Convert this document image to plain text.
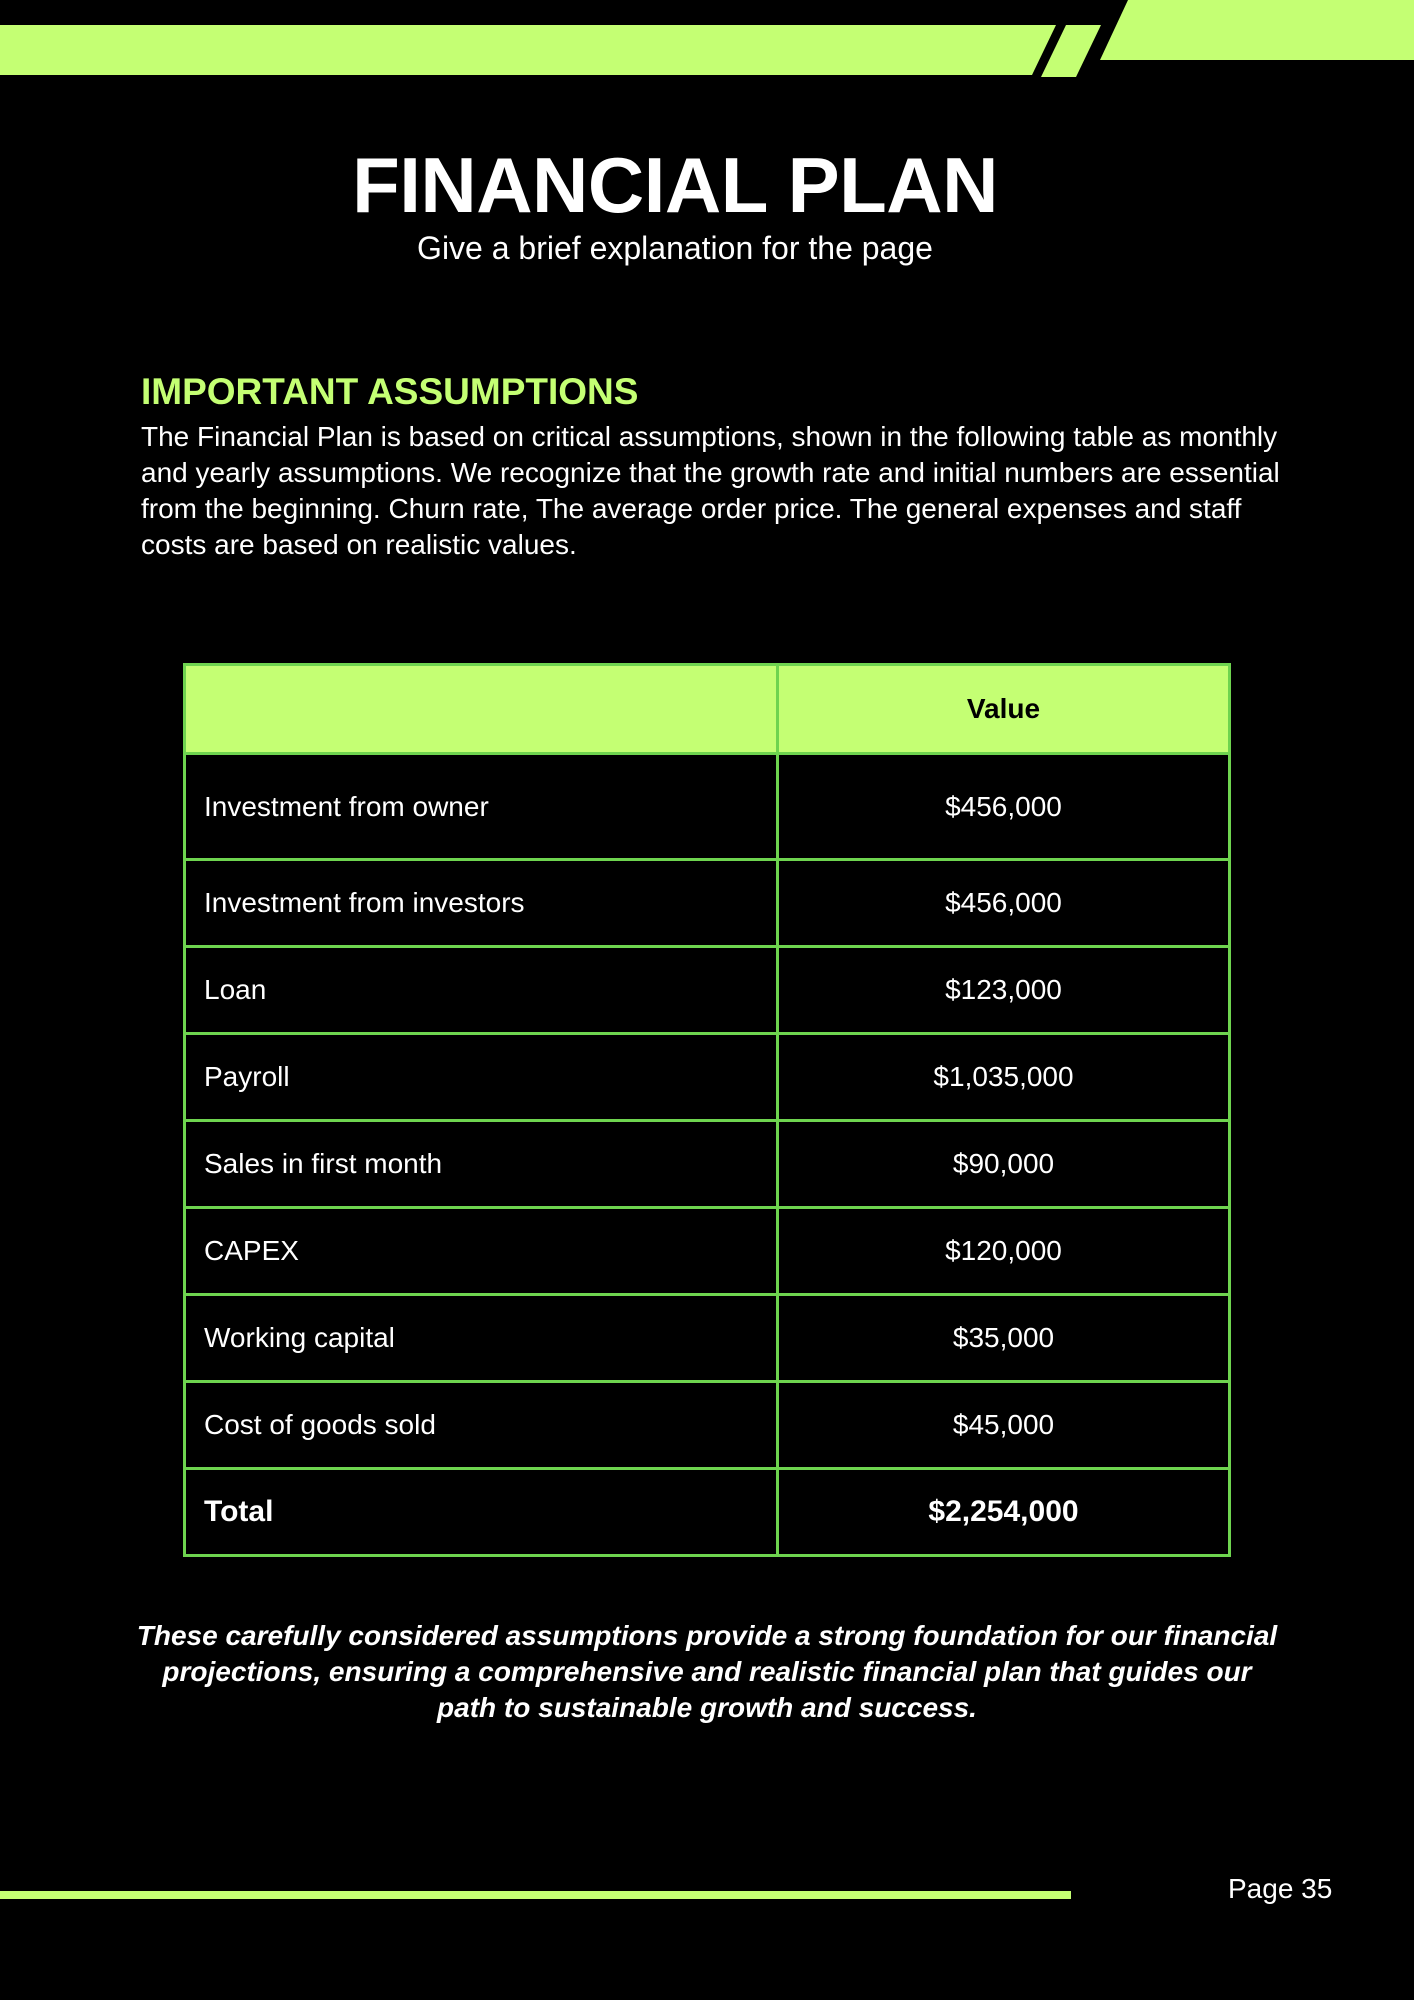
FINANCIAL PLAN
Give a brief explanation for the page
IMPORTANT ASSUMPTIONS

The Financial Plan is based on critical assumptions, shown in the following table as monthly and yearly assumptions. We recognize that the growth rate and initial numbers are essential from the beginning. Churn rate, The average order price. The general expenses and staff costs are based on realistic values.

	Value
Investment from owner	$456,000
Investment from investors	$456,000
Loan	$123,000
Payroll	$1,035,000
Sales in first month	$90,000
CAPEX	$120,000
Working capital	$35,000
Cost of goods sold	$45,000
Total	$2,254,000

These carefully considered assumptions provide a strong foundation for our financial projections, ensuring a comprehensive and realistic financial plan that guides our path to sustainable growth and success.

Page 35
